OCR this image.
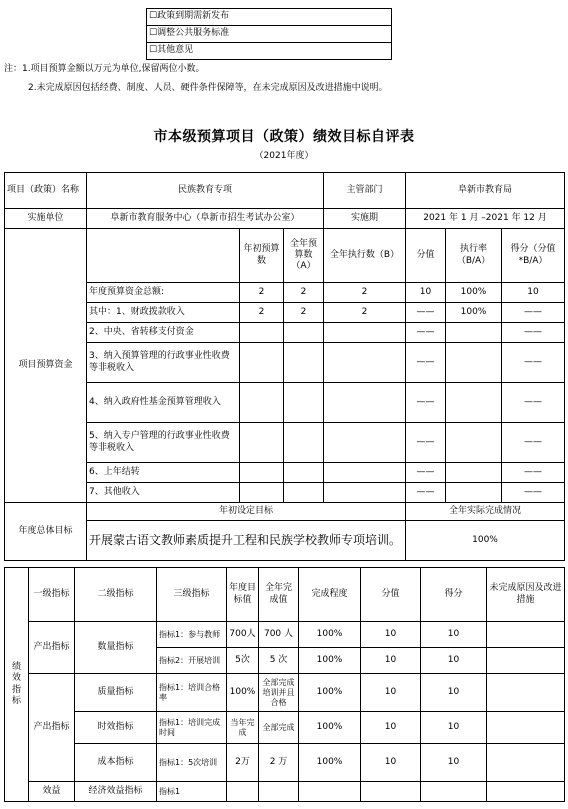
☐政策到期需新发布
☐调整公共服务标准
☐其他意见
注：1.项目预算金额以万元为单位,保留两位小数。
2.未完成原因包括经费、制度、人员、硬件条件保障等，在未完成原因及改进措施中说明。
市本级预算项目（政策）绩效目标自评表
（2021年度）
项目（政策）名称	民族教育专项			主管部门	阜新市教育局		
实施单位	阜新市教育服务中心（阜新市招生考试办公室）			实施期	2021 年 1 月 –2021 年 12 月		
项目预算资金		年初预算数	全年预算数（A）	全年执行数（B）	分值	执行率（B/A）	得分（分值*B/A）
	年度预算资金总额:	2	2	2	10	100%	10
	其中：1、财政拨款收入	2	2	2	——	100%	——
	2、中央、省转移支付资金				——		——
	3、纳入预算管理的行政事业性收费等非税收入				——		——
	4、纳入政府性基金预算管理收入				——		——
	5、纳入专户管理的行政事业性收费等非税收入				——		——
	6、上年结转				——		——
	7、其他收入				——		——
年度总体目标	年初设定目标				全年实际完成情况		
	开展蒙古语文教师素质提升工程和民族学校教师专项培训。				100%		
绩效指标	一级指标	二级指标	三级指标	年度目标值	全年完成值	完成程度	分值	得分	未完成原因及改进措施
	产出指标	数量指标	指标1：参与教师	700人	700 人	100%	10	10	
			指标2：开展培训	5次	5 次	100%	10	10	
	产出指标	质量指标	指标1：培训合格率	100%	全部完成培训并且合格	100%	10	10	
		时效指标	指标1：培训完成时间	当年完成	全部完成	100%	10	10	
		成本指标	指标1：5次培训	2万	2 万	100%	10	10	
	效益	经济效益指标	指标1						
